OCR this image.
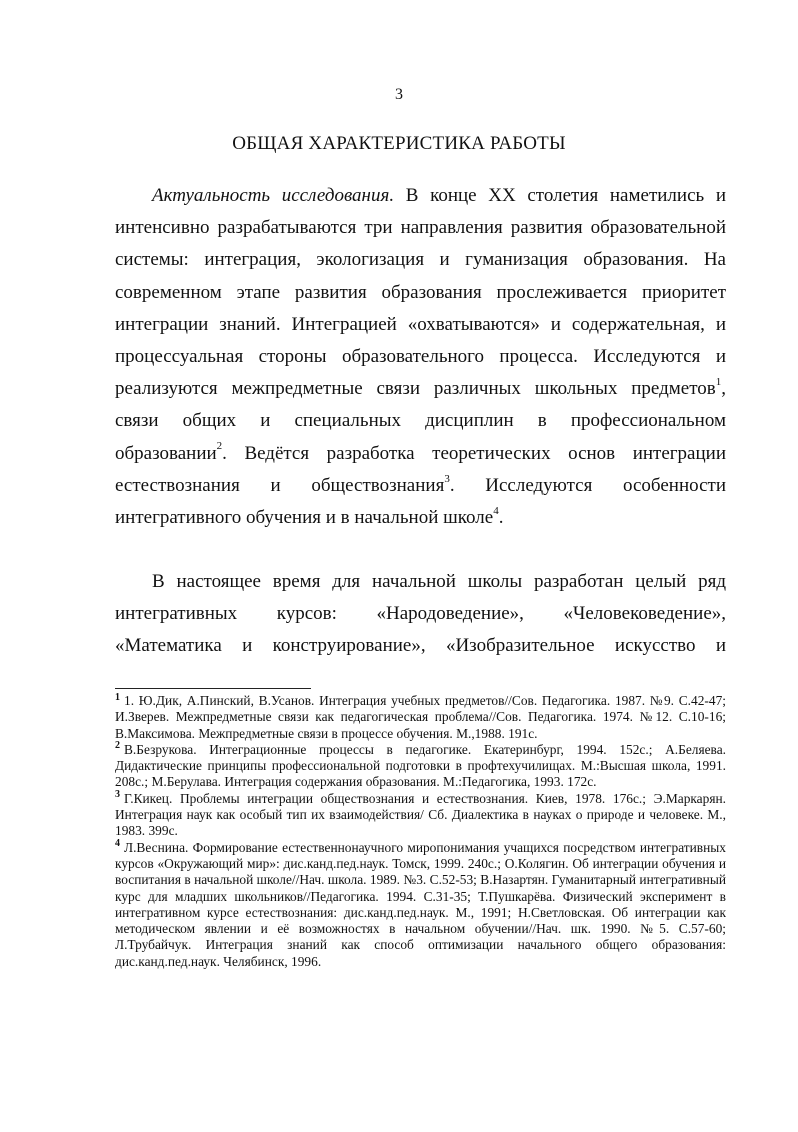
3
ОБЩАЯ ХАРАКТЕРИСТИКА РАБОТЫ
Актуальность исследования. В конце XX столетия наметились и интенсивно разрабатываются три направления развития образовательной системы: интеграция, экологизация и гуманизация образования. На современном этапе развития образования прослеживается приоритет интеграции знаний. Интеграцией «охватываются» и содержательная, и процессуальная стороны образовательного процесса. Исследуются и реализуются межпредметные связи различных школьных предметов$^1$, связи общих и специальных дисциплин в профессиональном образовании$^2$. Ведётся разработка теоретических основ интеграции естествознания и обществознания$^3$. Исследуются особенности интегративного обучения и в начальной школе$^4$.
В настоящее время для начальной школы разработан целый ряд интегративных курсов: «Народоведение», «Человековедение», «Математика и конструирование», «Изобразительное искусство и

$^1$ 1. Ю.Дик, А.Пинский, В.Усанов. Интеграция учебных предметов//Сов. Педагогика. 1987. №9. С.42-47; И.Зверев. Межпредметные связи как педагогическая проблема//Сов. Педагогика. 1974. №12. С.10-16; В.Максимова. Межпредметные связи в процессе обучения. М.,1988. 191с.

$^2$ В.Безрукова. Интеграционные процессы в педагогике. Екатеринбург, 1994. 152с.; А.Беляева. Дидактические принципы профессиональной подготовки в профтехучилищах. М.:Высшая школа, 1991. 208с.; М.Берулава. Интеграция содержания образования. М.:Педагогика, 1993. 172с.

$^3$ Г.Кикец. Проблемы интеграции обществознания и естествознания. Киев, 1978. 176с.; Э.Маркарян. Интеграция наук как особый тип их взаимодействия/ Сб. Диалектика в науках о природе и человеке. М., 1983. 399с.

$^4$ Л.Веснина. Формирование естественнонаучного миропонимания учащихся посредством интегративных курсов «Окружающий мир»: дис.канд.пед.наук. Томск, 1999. 240с.; О.Колягин. Об интеграции обучения и воспитания в начальной школе//Нач. школа. 1989. №3. С.52-53; В.Назартян. Гуманитарный интегративный курс для младших школьников//Педагогика. 1994. С.31-35; Т.Пушкарёва. Физический эксперимент в интегративном курсе естествознания: дис.канд.пед.наук. М., 1991; Н.Светловская. Об интеграции как методическом явлении и её возможностях в начальном обучении//Нач. шк. 1990. №5. С.57-60; Л.Трубайчук. Интеграция знаний как способ оптимизации начального общего образования: дис.канд.пед.наук. Челябинск, 1996.
